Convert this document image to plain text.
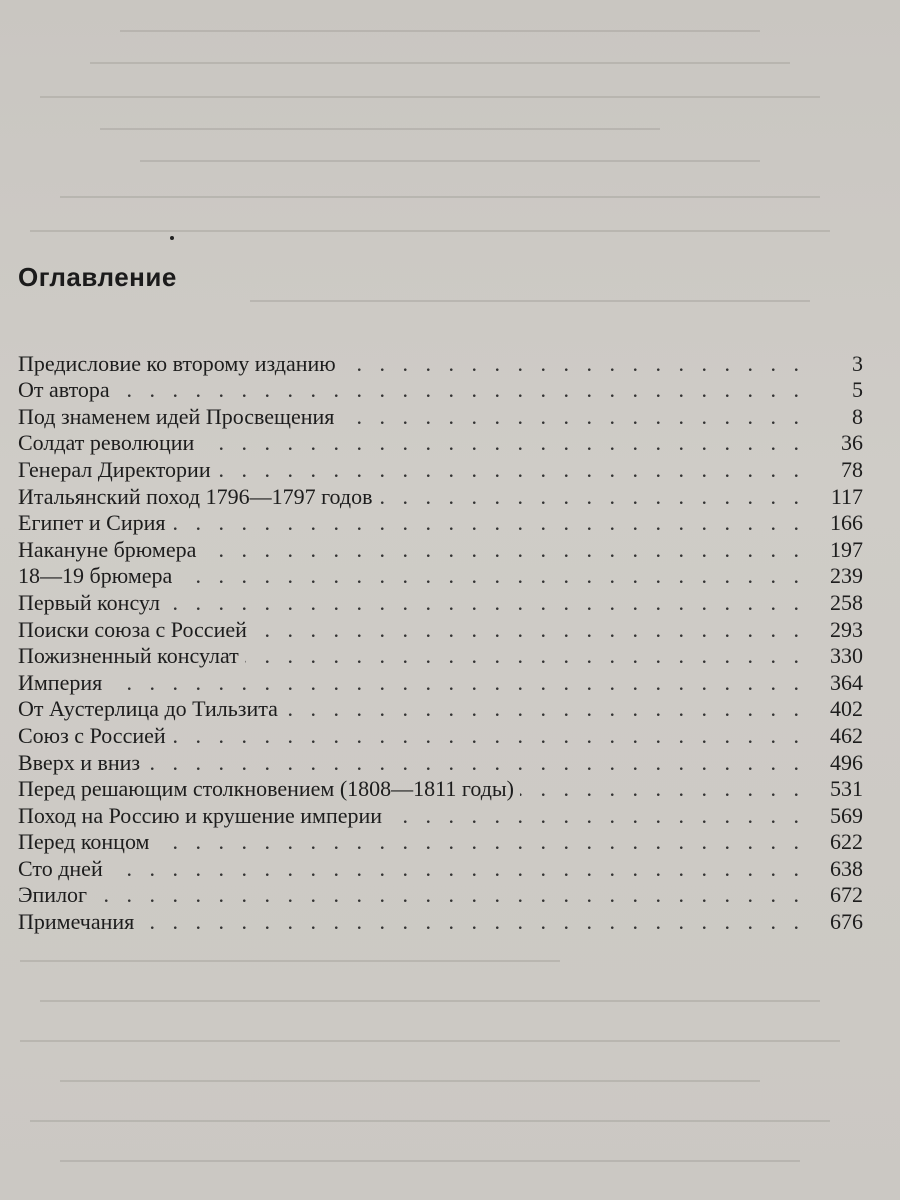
Оглавление
Предисловие ко второму изданию . . .	3
От автора . . .	5
Под знаменем идей Просвещения . . .	8
Солдат революции . . .	36
Генерал Директории . . .	78
Итальянский поход 1796—1797 годов . . .	117
Египет и Сирия . . .	166
Накануне брюмера . . .	197
18—19 брюмера . . .	239
Первый консул . . .	258
Поиски союза с Россией . . .	293
Пожизненный консулат . . .	330
Империя . . .	364
От Аустерлица до Тильзита . . .	402
Союз с Россией . . .	462
Вверх и вниз . . .	496
Перед решающим столкновением (1808—1811 годы) . . .	531
Поход на Россию и крушение империи . . .	569
Перед концом . . .	622
Сто дней . . .	638
Эпилог . . .	672
Примечания . . .	676
